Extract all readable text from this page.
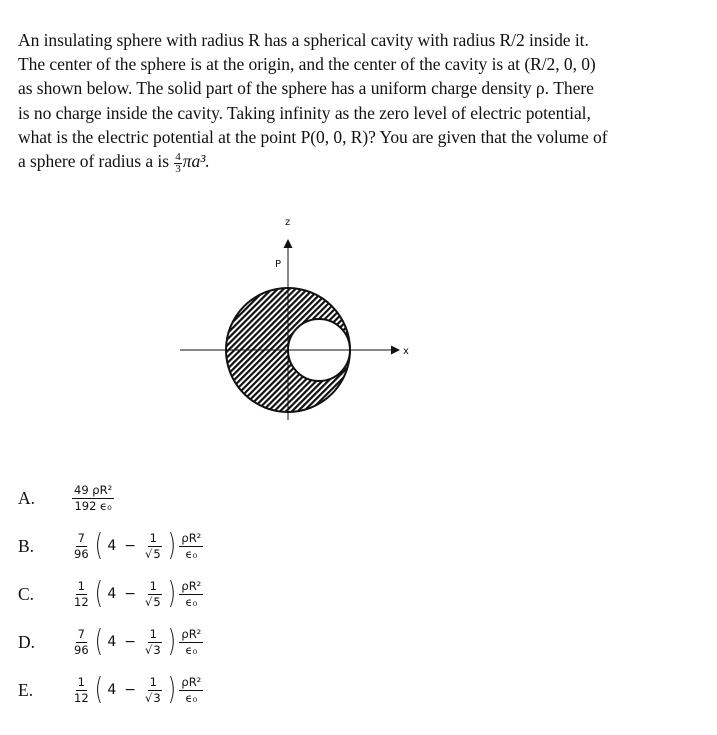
An insulating sphere with radius R has a spherical cavity with radius R/2 inside it.
The center of the sphere is at the origin, and the center of the cavity is at (R/2, 0, 0)
as shown below. The solid part of the sphere has a uniform charge density ρ. There
is no charge inside the cavity. Taking infinity as the zero level of electric potential,
what is the electric potential at the point P(0, 0, R)? You are given that the volume of
a sphere of radius a is $\frac{4}{3} \pi a^3$.
z
x
P
A.	$\frac{\text{49 ρR²}}{\text{192 ϵ₀}}$
B.	$\frac{7}{96}$ ( $4 - \frac{1}{√5}$ ) $\frac{\text{ρR²}}{\text{ϵ₀}}$
C.	$\frac{1}{12}$ ( $4 - \frac{1}{√5}$ ) $\frac{\text{ρR²}}{\text{ϵ₀}}$
D.	$\frac{7}{96}$ ( $4 - \frac{1}{√3}$ ) $\frac{\text{ρR²}}{\text{ϵ₀}}$
E.	$\frac{1}{12}$ ( $4 - \frac{1}{√3}$ ) $\frac{\text{ρR²}}{\text{ϵ₀}}$
